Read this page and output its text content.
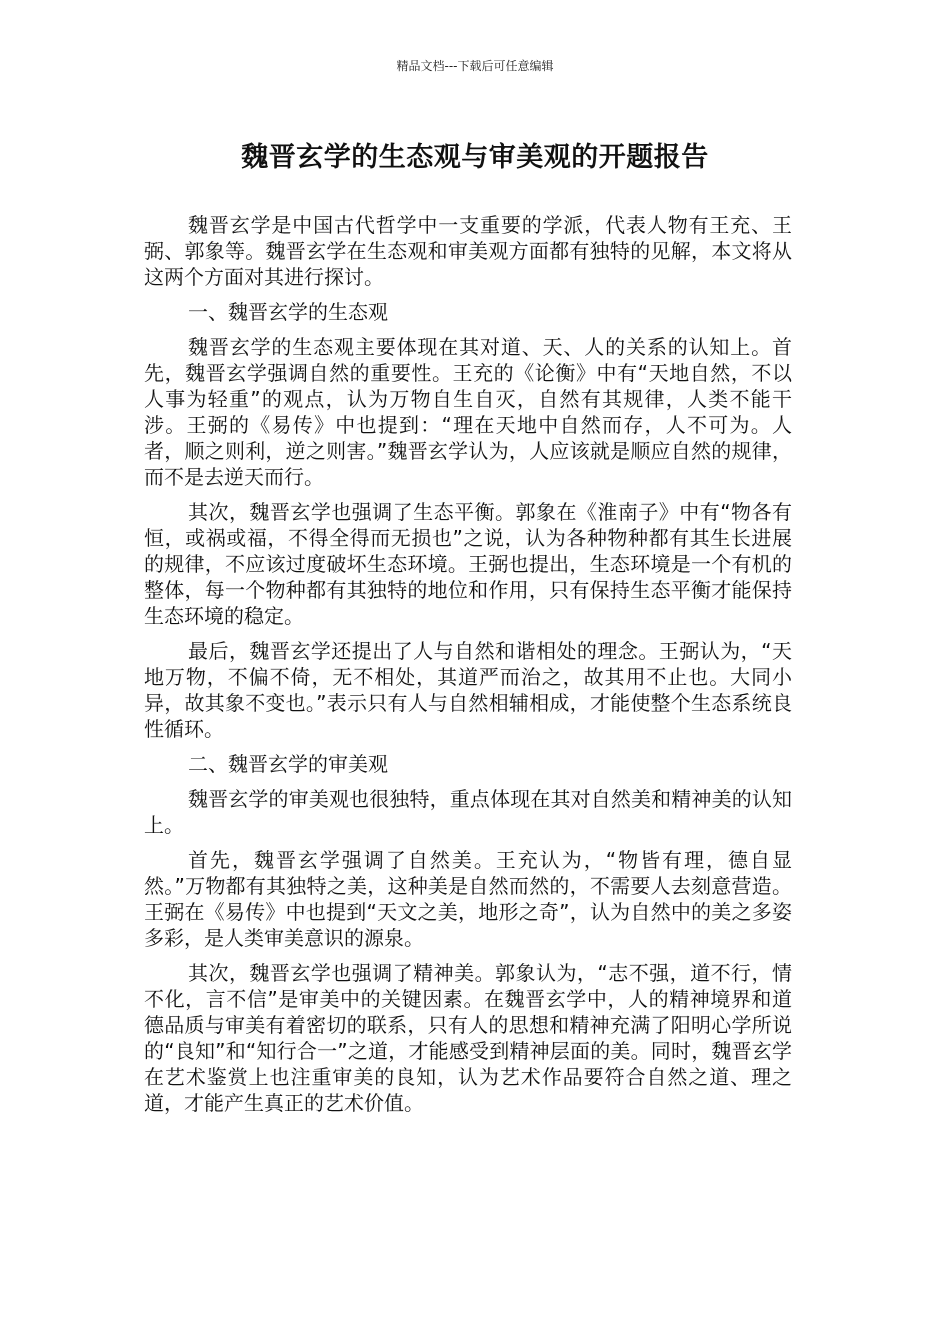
精品文档---下载后可任意编辑
魏晋玄学的生态观与审美观的开题报告

魏晋玄学是中国古代哲学中一支重要的学派，代表人物有王充、王弼、郭象等。魏晋玄学在生态观和审美观方面都有独特的见解，本文将从这两个方面对其进行探讨。

一、魏晋玄学的生态观

魏晋玄学的生态观主要体现在其对道、天、人的关系的认知上。首先，魏晋玄学强调自然的重要性。王充的《论衡》中有“天地自然，不以人事为轻重”的观点，认为万物自生自灭，自然有其规律，人类不能干涉。王弼的《易传》中也提到：“理在天地中自然而存，人不可为。人者，顺之则利，逆之则害。”魏晋玄学认为，人应该就是顺应自然的规律，而不是去逆天而行。

其次，魏晋玄学也强调了生态平衡。郭象在《淮南子》中有“物各有恒，或祸或福，不得全得而无损也”之说，认为各种物种都有其生长进展的规律，不应该过度破坏生态环境。王弼也提出，生态环境是一个有机的整体，每一个物种都有其独特的地位和作用，只有保持生态平衡才能保持生态环境的稳定。

最后，魏晋玄学还提出了人与自然和谐相处的理念。王弼认为，“天地万物，不偏不倚，无不相处，其道严而治之，故其用不止也。大同小异，故其象不变也。”表示只有人与自然相辅相成，才能使整个生态系统良性循环。

二、魏晋玄学的审美观

魏晋玄学的审美观也很独特，重点体现在其对自然美和精神美的认知上。

首先，魏晋玄学强调了自然美。王充认为，“物皆有理，德自显然。”万物都有其独特之美，这种美是自然而然的，不需要人去刻意营造。王弼在《易传》中也提到“天文之美，地形之奇”，认为自然中的美之多姿多彩，是人类审美意识的源泉。

其次，魏晋玄学也强调了精神美。郭象认为，“志不强，道不行，情不化，言不信”是审美中的关键因素。在魏晋玄学中，人的精神境界和道德品质与审美有着密切的联系，只有人的思想和精神充满了阳明心学所说的“良知”和“知行合一”之道，才能感受到精神层面的美。同时，魏晋玄学在艺术鉴赏上也注重审美的良知，认为艺术作品要符合自然之道、理之道，才能产生真正的艺术价值。
